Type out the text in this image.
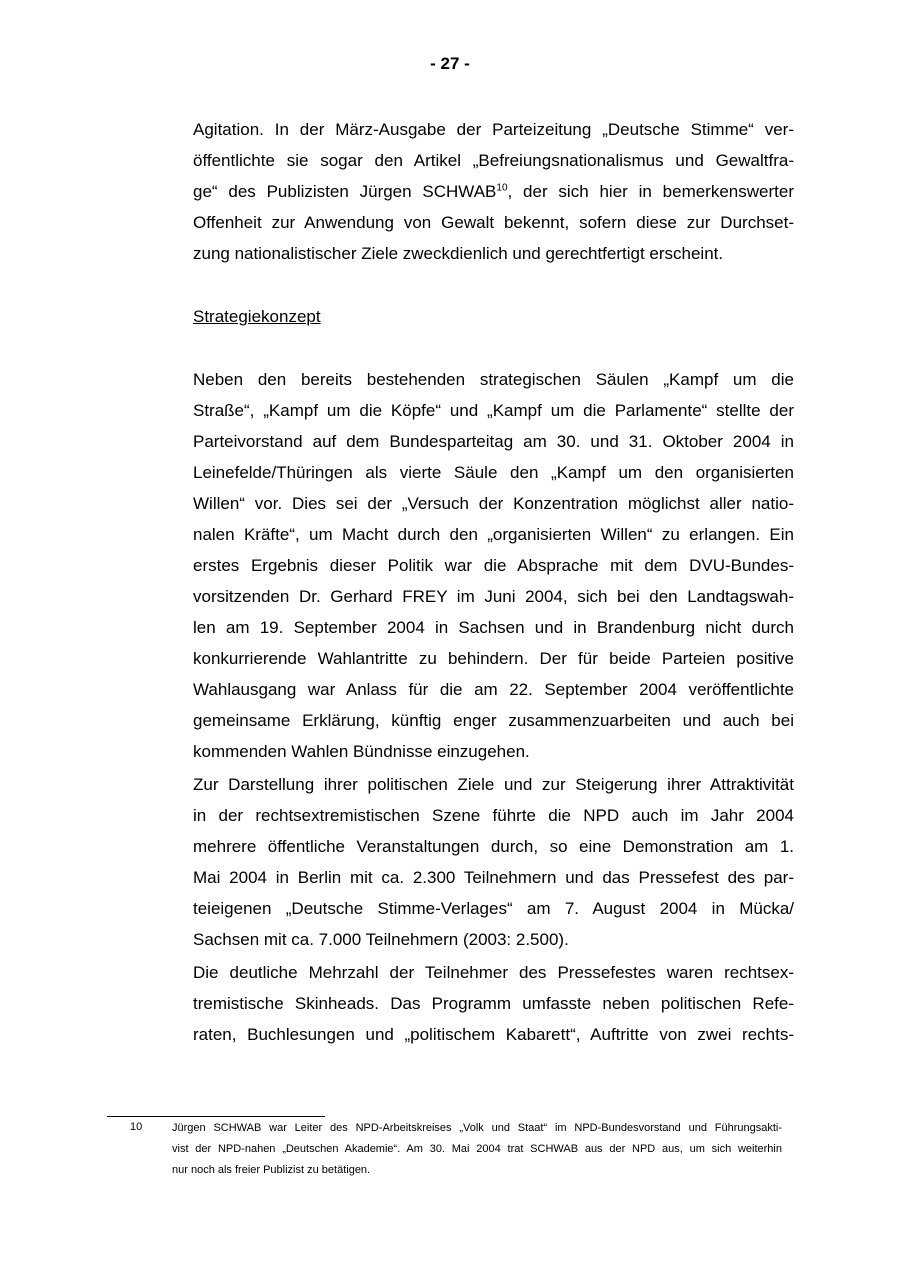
- 27 -
Agitation. In der März-Ausgabe der Parteizeitung „Deutsche Stimme“ ver-
öffentlichte sie sogar den Artikel „Befreiungsnationalismus und Gewaltfra-
ge“ des Publizisten Jürgen SCHWAB$^{10}$, der sich hier in bemerkenswerter
Offenheit zur Anwendung von Gewalt bekennt, sofern diese zur Durchset-
zung nationalistischer Ziele zweckdienlich und gerechtfertigt erscheint.
Strategiekonzept
Neben den bereits bestehenden strategischen Säulen „Kampf um die
Straße“, „Kampf um die Köpfe“ und „Kampf um die Parlamente“ stellte der
Parteivorstand auf dem Bundesparteitag am 30. und 31. Oktober 2004 in
Leinefelde/Thüringen als vierte Säule den „Kampf um den organisierten
Willen“ vor. Dies sei der „Versuch der Konzentration möglichst aller natio-
nalen Kräfte“, um Macht durch den „organisierten Willen“ zu erlangen. Ein
erstes Ergebnis dieser Politik war die Absprache mit dem DVU-Bundes-
vorsitzenden Dr. Gerhard FREY im Juni 2004, sich bei den Landtagswah-
len am 19. September 2004 in Sachsen und in Brandenburg nicht durch
konkurrierende Wahlantritte zu behindern. Der für beide Parteien positive
Wahlausgang war Anlass für die am 22. September 2004 veröffentlichte
gemeinsame Erklärung, künftig enger zusammenzuarbeiten und auch bei
kommenden Wahlen Bündnisse einzugehen.
Zur Darstellung ihrer politischen Ziele und zur Steigerung ihrer Attraktivität
in der rechtsextremistischen Szene führte die NPD auch im Jahr 2004
mehrere öffentliche Veranstaltungen durch, so eine Demonstration am 1.
Mai 2004 in Berlin mit ca. 2.300 Teilnehmern und das Pressefest des par-
teieigenen „Deutsche Stimme-Verlages“ am 7. August 2004 in Mücka/
Sachsen mit ca. 7.000 Teilnehmern (2003: 2.500).
Die deutliche Mehrzahl der Teilnehmer des Pressefestes waren rechtsex-
tremistische Skinheads. Das Programm umfasste neben politischen Refe-
raten, Buchlesungen und „politischem Kabarett“, Auftritte von zwei rechts-
10	Jürgen SCHWAB war Leiter des NPD-Arbeitskreises „Volk und Staat“ im NPD-Bundesvorstand und Führungsakti-
vist der NPD-nahen „Deutschen Akademie“. Am 30. Mai 2004 trat SCHWAB aus der NPD aus, um sich weiterhin
nur noch als freier Publizist zu betätigen.
